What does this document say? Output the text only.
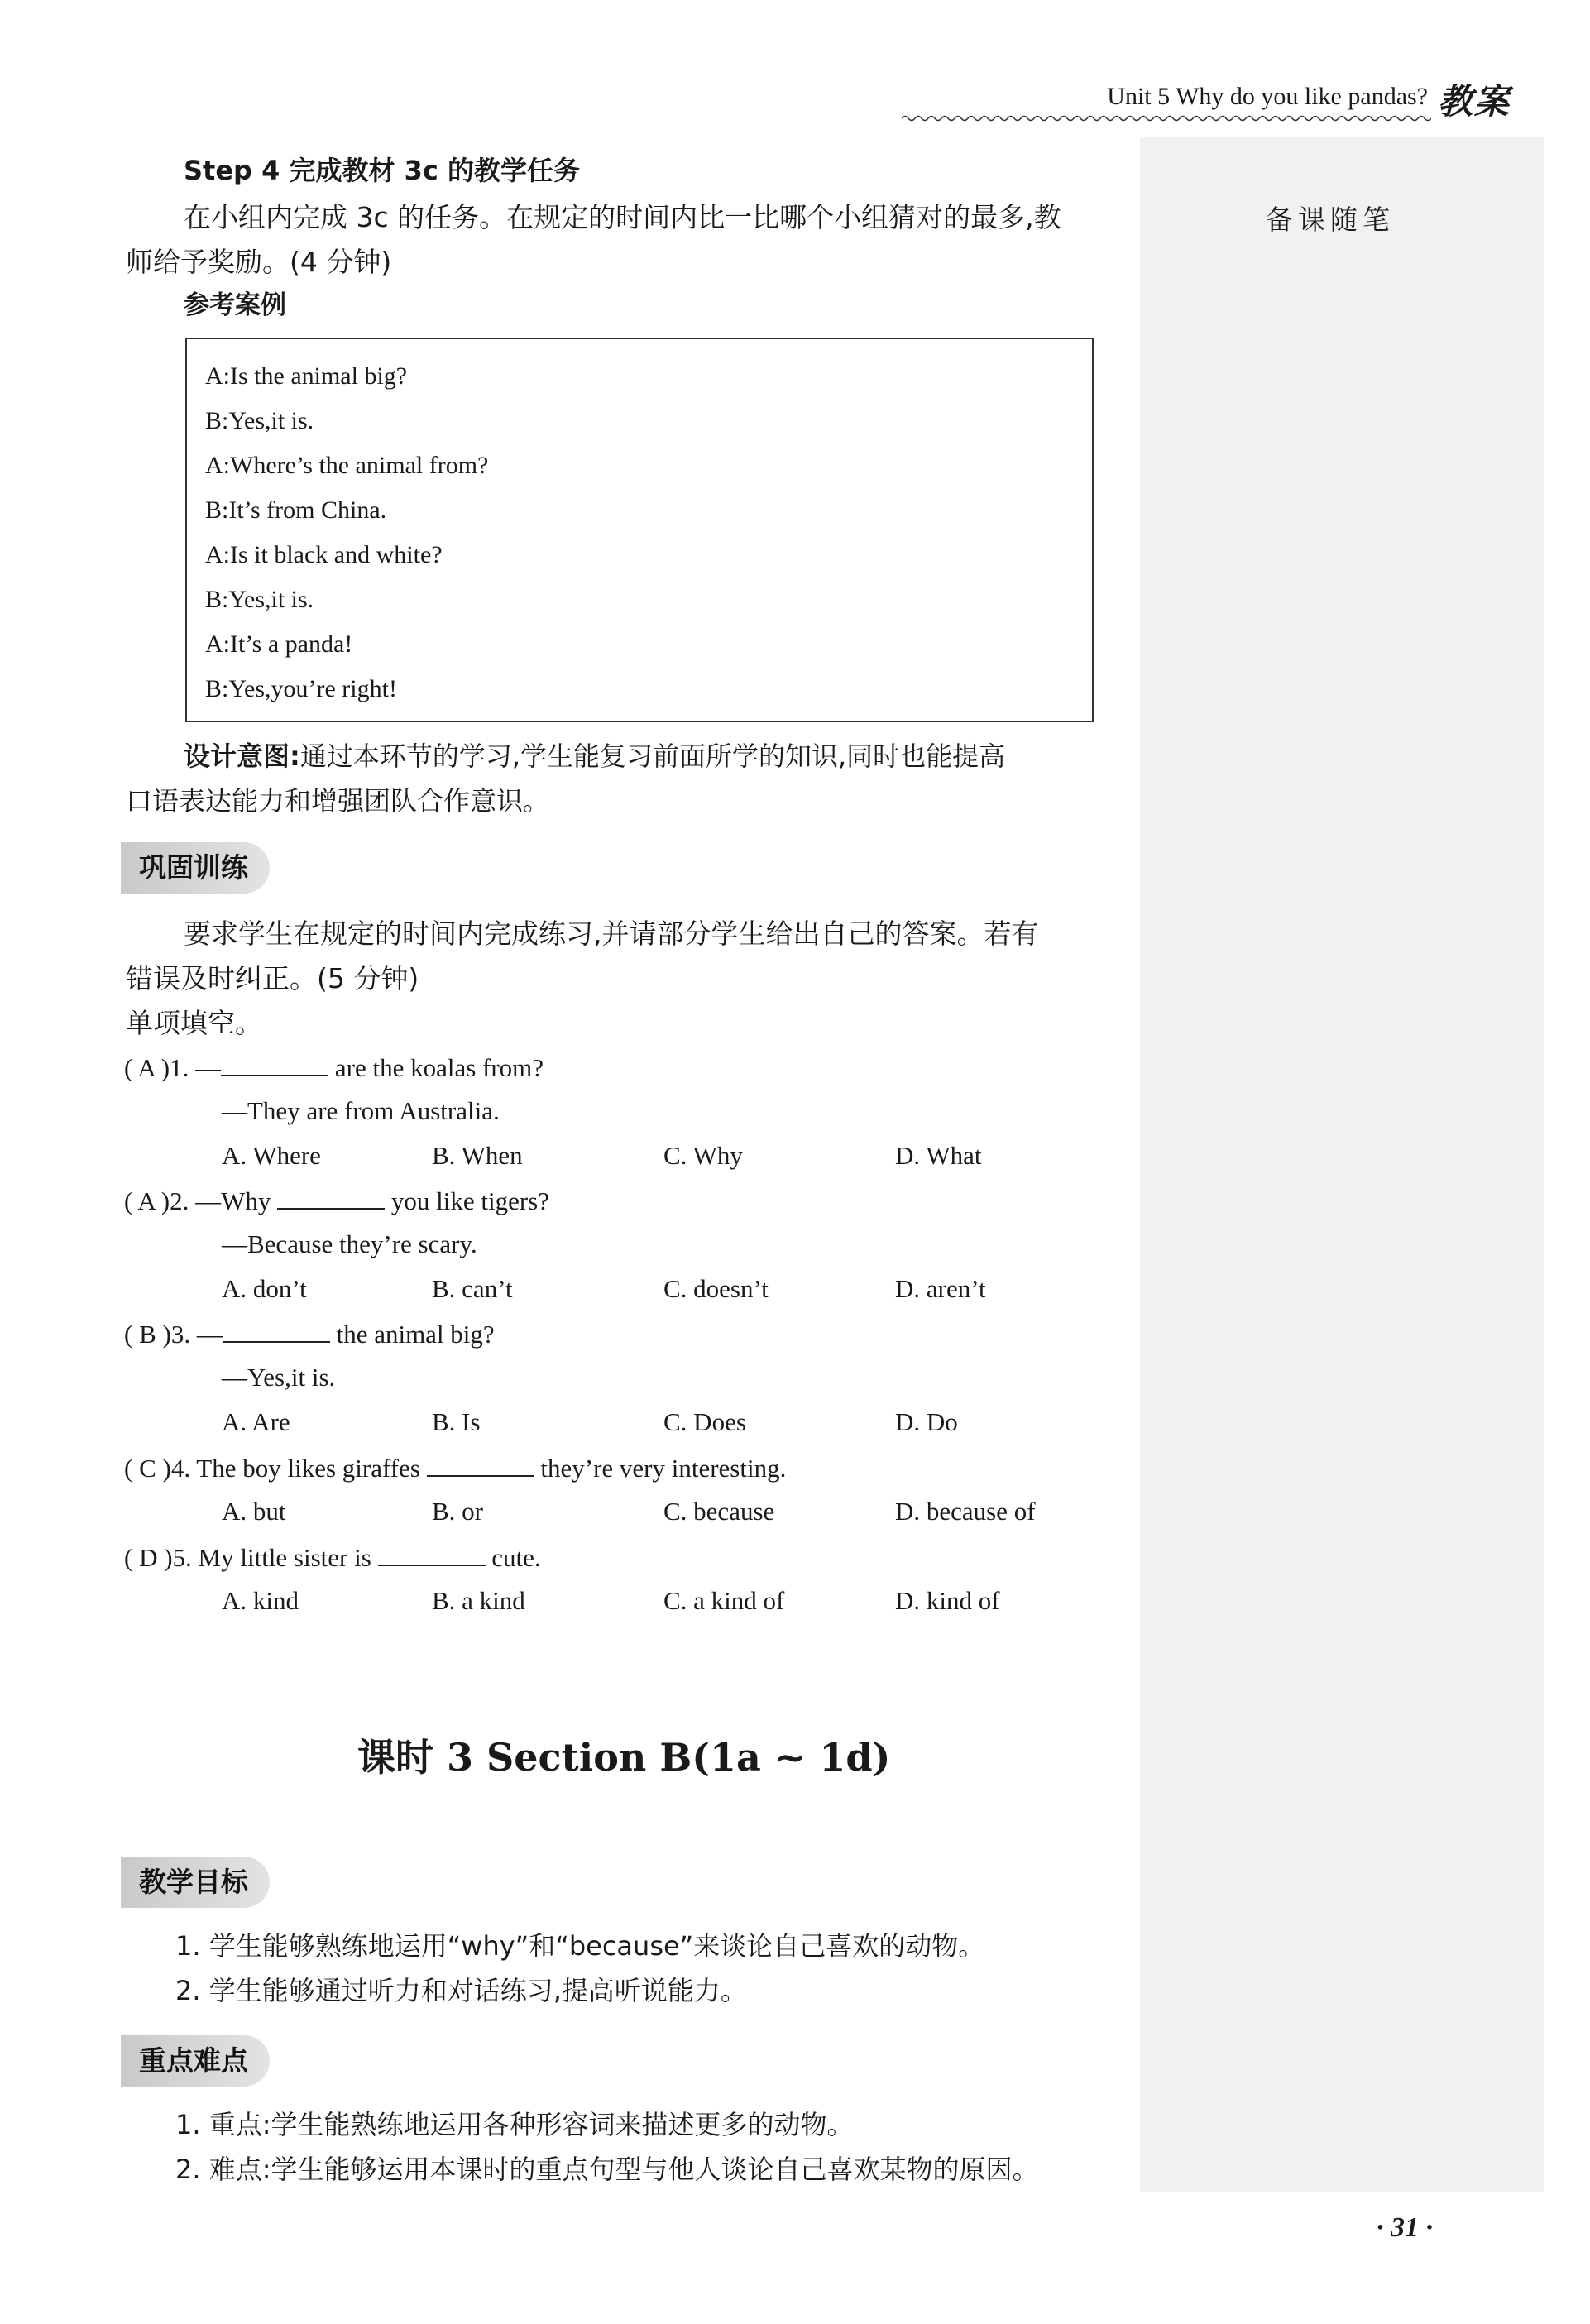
Unit 5 Why do you like pandas? 教案
备课随笔
Step 4 完成教材 3c 的教学任务
在小组内完成 3c 的任务。在规定的时间内比一比哪个小组猜对的最多,教
师给予奖励。(4 分钟)
参考案例
A:Is the animal big?
B:Yes,it is.
A:Where’s the animal from?
B:It’s from China.
A:Is it black and white?
B:Yes,it is.
A:It’s a panda!
B:Yes,you’re right!
设计意图:通过本环节的学习,学生能复习前面所学的知识,同时也能提高
口语表达能力和增强团队合作意识。
巩固训练
要求学生在规定的时间内完成练习,并请部分学生给出自己的答案。若有
错误及时纠正。(5 分钟)
单项填空。
( A )1. —	are the koalas from?
—They are from Australia.
A. Where	B. When	C. Why	D. What
( A )2. —Why	you like tigers?
—Because they’re scary.
A. don’t	B. can’t	C. doesn’t	D. aren’t
( B )3. —	the animal big?
—Yes,it is.
A. Are	B. Is	C. Does	D. Do
( C )4. The boy likes giraffes	they’re very interesting.
A. but	B. or	C. because	D. because of
( D )5. My little sister is	cute.
A. kind	B. a kind	C. a kind of	D. kind of
课时 3 Section B(1a ~ 1d)
教学目标
1. 学生能够熟练地运用“why”和“because”来谈论自己喜欢的动物。
2. 学生能够通过听力和对话练习,提高听说能力。
重点难点
1. 重点:学生能熟练地运用各种形容词来描述更多的动物。
2. 难点:学生能够运用本课时的重点句型与他人谈论自己喜欢某物的原因。
· 31 ·
